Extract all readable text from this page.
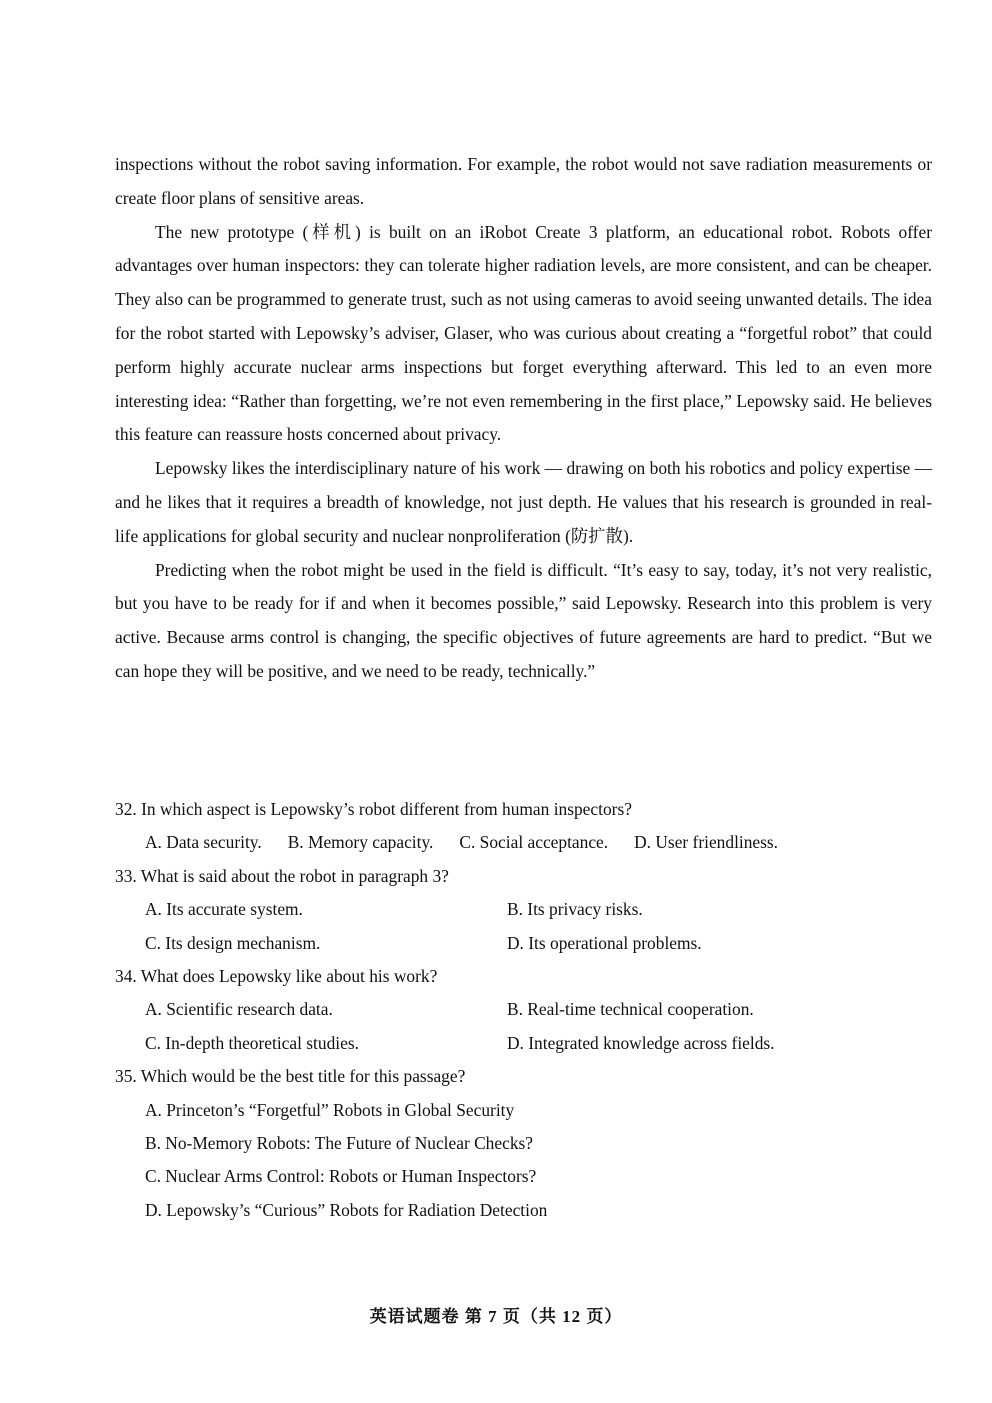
inspections without the robot saving information. For example, the robot would not save radiation measurements or create floor plans of sensitive areas.

The new prototype (样机) is built on an iRobot Create 3 platform, an educational robot. Robots offer advantages over human inspectors: they can tolerate higher radiation levels, are more consistent, and can be cheaper. They also can be programmed to generate trust, such as not using cameras to avoid seeing unwanted details. The idea for the robot started with Lepowsky’s adviser, Glaser, who was curious about creating a “forgetful robot” that could perform highly accurate nuclear arms inspections but forget everything afterward. This led to an even more interesting idea: “Rather than forgetting, we’re not even remembering in the first place,” Lepowsky said. He believes this feature can reassure hosts concerned about privacy.

Lepowsky likes the interdisciplinary nature of his work — drawing on both his robotics and policy expertise — and he likes that it requires a breadth of knowledge, not just depth. He values that his research is grounded in real-life applications for global security and nuclear nonproliferation (防扩散).

Predicting when the robot might be used in the field is difficult. “It’s easy to say, today, it’s not very realistic, but you have to be ready for if and when it becomes possible,” said Lepowsky. Research into this problem is very active. Because arms control is changing, the specific objectives of future agreements are hard to predict. “But we can hope they will be positive, and we need to be ready, technically.”

32. In which aspect is Lepowsky’s robot different from human inspectors?
A. Data security. B. Memory capacity. C. Social acceptance. D. User friendliness.
33. What is said about the robot in paragraph 3?
A. Its accurate system.	B. Its privacy risks.
C. Its design mechanism.	D. Its operational problems.
34. What does Lepowsky like about his work?
A. Scientific research data.	B. Real-time technical cooperation.
C. In-depth theoretical studies.	D. Integrated knowledge across fields.
35. Which would be the best title for this passage?
A. Princeton’s “Forgetful” Robots in Global Security
B. No-Memory Robots: The Future of Nuclear Checks?
C. Nuclear Arms Control: Robots or Human Inspectors?
D. Lepowsky’s “Curious” Robots for Radiation Detection
英语试题卷 第 7 页（共 12 页）
